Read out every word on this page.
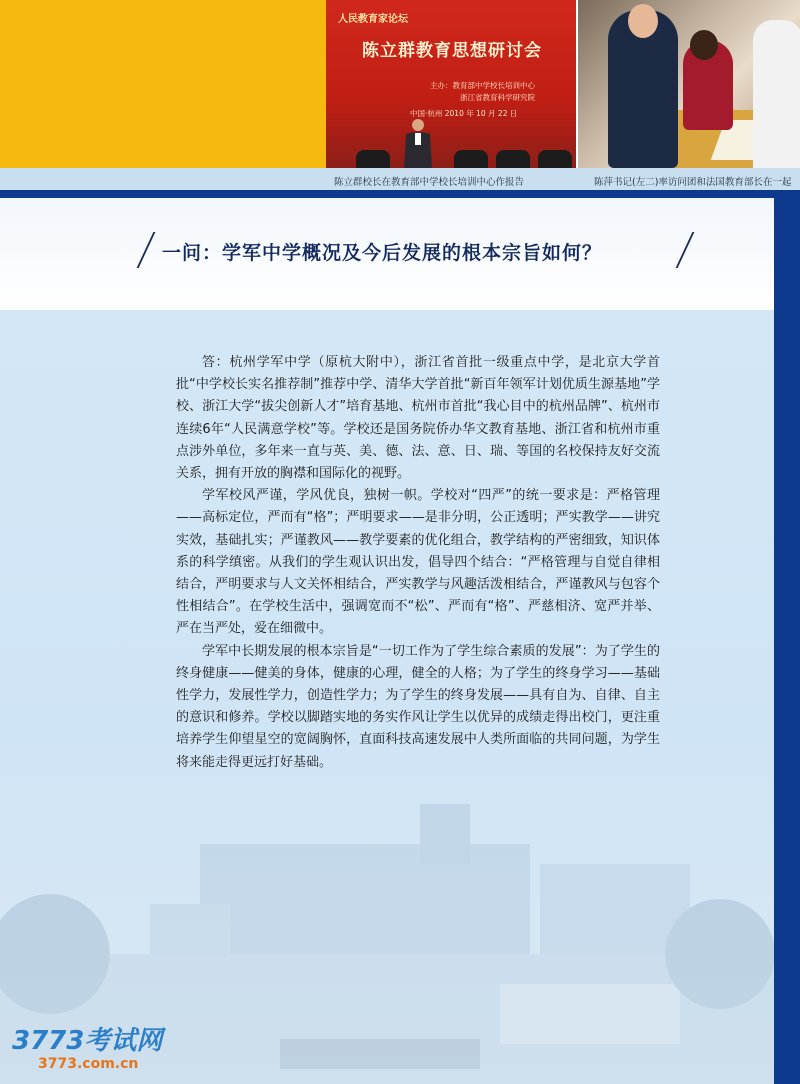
人民教育家论坛
陈立群教育思想研讨会
主办：教育部中学校长培训中心
浙江省教育科学研究院
中国·杭州 2010 年 10 月 22 日
陈立群校长在教育部中学校长培训中心作报告	陈萍书记(左二)率访问团和法国教育部长在一起
一问：学军中学概况及今后发展的根本宗旨如何？

答：杭州学军中学（原杭大附中），浙江省首批一级重点中学，是北京大学首批“中学校长实名推荐制”推荐中学、清华大学首批“新百年领军计划优质生源基地”学校、浙江大学“拔尖创新人才”培育基地、杭州市首批“我心目中的杭州品牌”、杭州市连续6年“人民满意学校”等。学校还是国务院侨办华文教育基地、浙江省和杭州市重点涉外单位，多年来一直与英、美、德、法、意、日、瑞、等国的名校保持友好交流关系，拥有开放的胸襟和国际化的视野。

学军校风严谨，学风优良，独树一帜。学校对“四严”的统一要求是：严格管理——高标定位，严而有“格”；严明要求——是非分明，公正透明；严实教学——讲究实效，基础扎实；严谨教风——教学要素的优化组合，教学结构的严密细致，知识体系的科学缜密。从我们的学生观认识出发，倡导四个结合：“严格管理与自觉自律相结合，严明要求与人文关怀相结合，严实教学与风趣活泼相结合，严谨教风与包容个性相结合”。在学校生活中，强调宽而不“松”、严而有“格”、严慈相济、宽严并举、严在当严处，爱在细微中。

学军中长期发展的根本宗旨是“一切工作为了学生综合素质的发展”：为了学生的终身健康——健美的身体，健康的心理，健全的人格；为了学生的终身学习——基础性学力，发展性学力，创造性学力；为了学生的终身发展——具有自为、自律、自主的意识和修养。学校以脚踏实地的务实作风让学生以优异的成绩走得出校门，更注重培养学生仰望星空的宽阔胸怀，直面科技高速发展中人类所面临的共同问题，为学生将来能走得更远打好基础。

3773考试网
3773.com.cn
